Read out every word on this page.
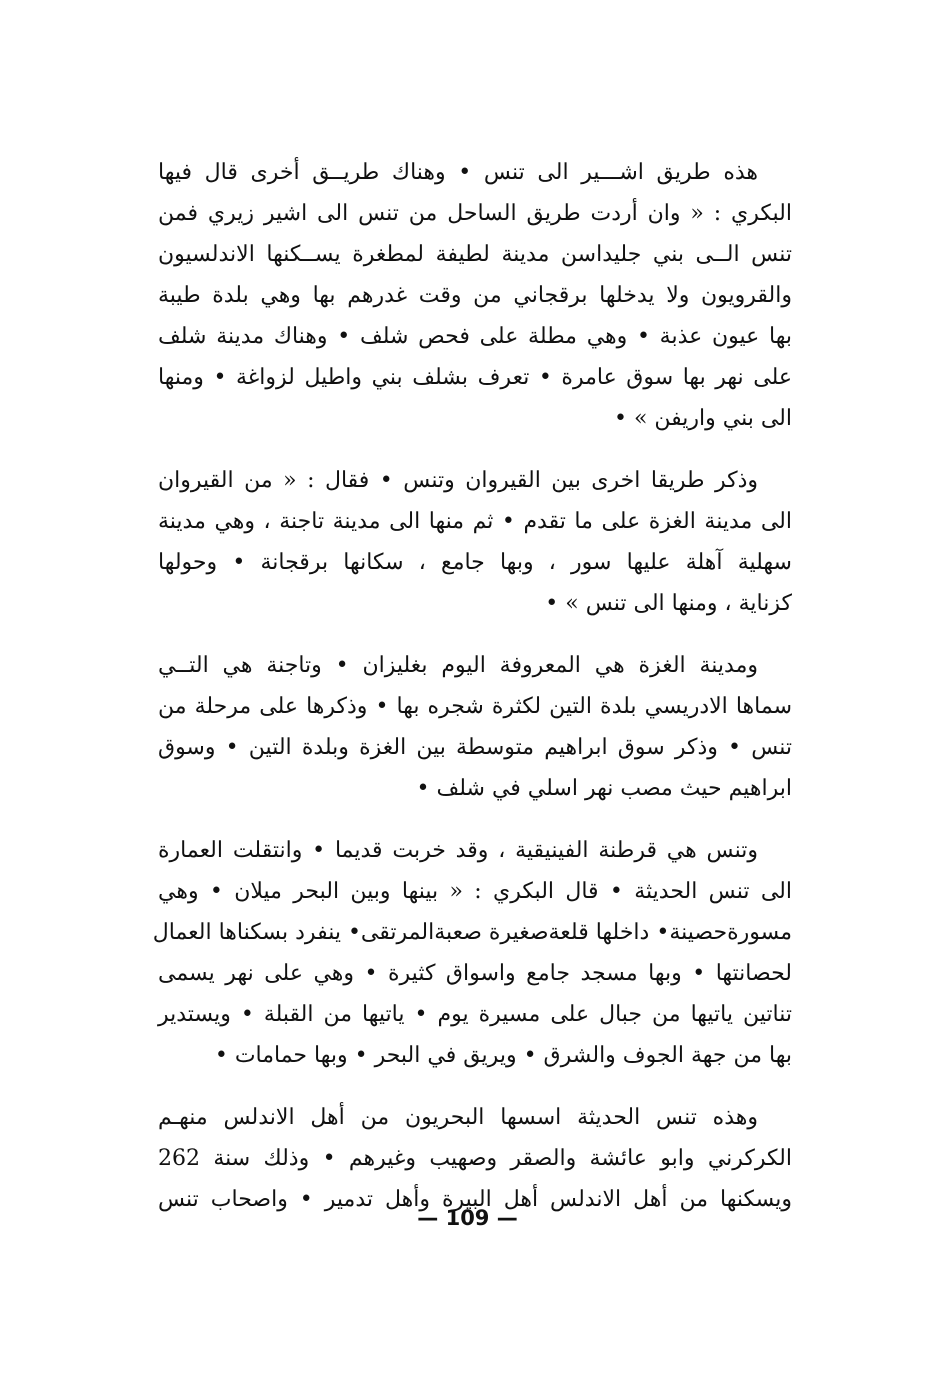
هذه طريق اشـــير الى تنس • وهناك طريــق أخرى قال فيها
البكري : « وان أردت طريق الساحل من تنس الى اشير زيري فمن
تنس الــى بني جليداسن مدينة لطيفة لمطغرة يســكنها الاندلسيون
والقرويون ولا يدخلها برقجاني من وقت غدرهم بها وهي بلدة طيبة
بها عيون عذبة • وهي مطلة على فحص شلف • وهناك مدينة شلف
على نهر بها سوق عامرة • تعرف بشلف بني واطيل لزواغة • ومنها
الى بني واريفن » •
وذكر طريقا اخرى بين القيروان وتنس • فقال : « من القيروان
الى مدينة الغزة على ما تقدم • ثم منها الى مدينة تاجنة ، وهي مدينة
سهلية آهلة عليها سور ، وبها جامع ، سكانها برقجانة • وحولها
كزناية ، ومنها الى تنس » •
ومدينة الغزة هي المعروفة اليوم بغليزان • وتاجنة هي التــي
سماها الادريسي بلدة التين لكثرة شجره بها • وذكرها على مرحلة من
تنس • وذكر سوق ابراهيم متوسطة بين الغزة وبلدة التين • وسوق
ابراهيم حيث مصب نهر اسلي في شلف •
وتنس هي قرطنة الفينيقية ، وقد خربت قديما • وانتقلت العمارة
الى تنس الحديثة • قال البكري : « بينها وبين البحر ميلان • وهي
مسورةحصينة• داخلها قلعةصغيرة صعبةالمرتقى• ينفرد بسكناها العمال
لحصانتها • وبها مسجد جامع واسواق كثيرة • وهي على نهر يسمى
تناتين ياتيها من جبال على مسيرة يوم • ياتيها من القبلة • ويستدير
بها من جهة الجوف والشرق • ويريق في البحر • وبها حمامات •
وهذه تنس الحديثة اسسها البحريون من أهل الاندلس منهـم
الكركرني وابو عائشة والصقر وصهيب وغيرهم • وذلك سنة 262
ويسكنها من أهل الاندلس أهل البيرة وأهل تدمير • واصحاب تنس
— 109 —
